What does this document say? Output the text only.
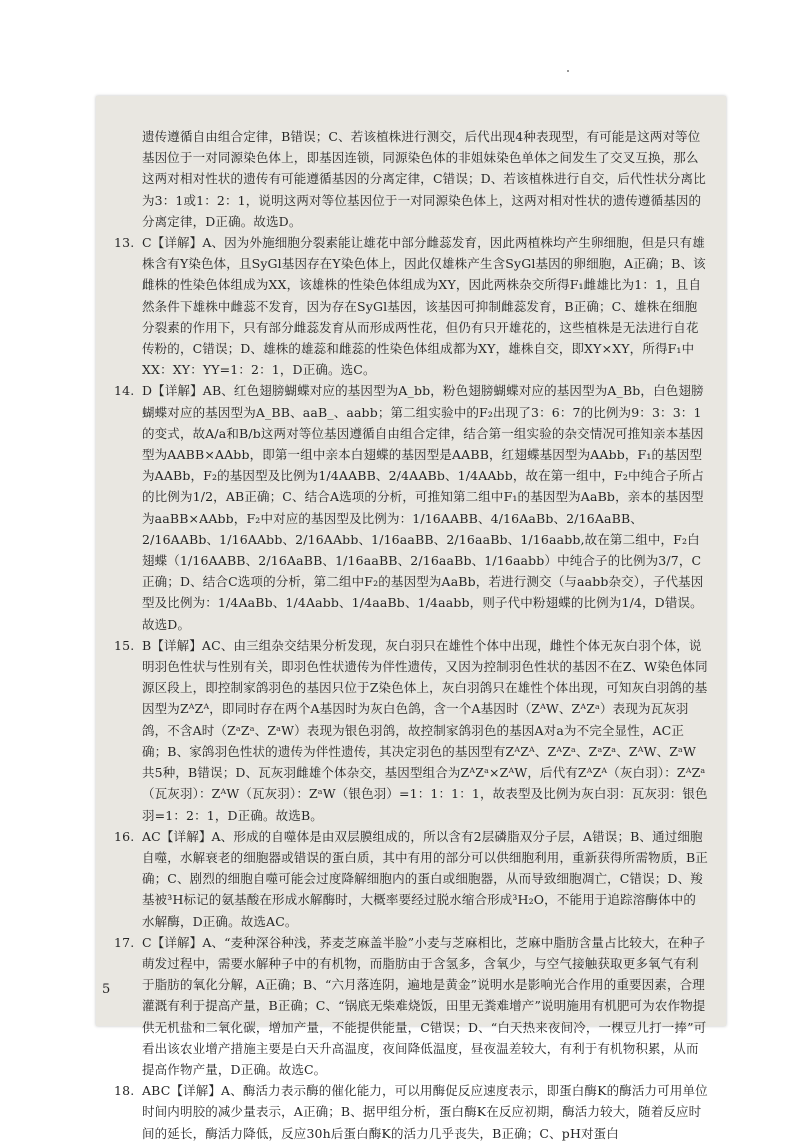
遗传遵循自由组合定律，B错误；C、若该植株进行测交，后代出现4种表现型，有可能是这两对等位基因位于一对同源染色体上，即基因连锁，同源染色体的非姐妹染色单体之间发生了交叉互换，那么这两对相对性状的遗传有可能遵循基因的分离定律，C错误；D、若该植株进行自交，后代性状分离比为3：1或1：2：1，说明这两对等位基因位于一对同源染色体上，这两对相对性状的遗传遵循基因的分离定律，D正确。故选D。

13. C【详解】A、因为外施细胞分裂素能让雄花中部分雌蕊发育，因此两植株均产生卵细胞，但是只有雄株含有Y染色体，且SyGl基因存在Y染色体上，因此仅雄株产生含SyGl基因的卵细胞，A正确；B、该雌株的性染色体组成为XX，该雄株的性染色体组成为XY，因此两株杂交所得F₁雌雄比为1：1，且自然条件下雄株中雌蕊不发育，因为存在SyGl基因，该基因可抑制雌蕊发育，B正确；C、雄株在细胞分裂素的作用下，只有部分雌蕊发育从而形成两性花，但仍有只开雄花的，这些植株是无法进行自花传粉的，C错误；D、雄株的雄蕊和雌蕊的性染色体组成都为XY，雄株自交，即XY×XY，所得F₁中XX：XY：YY=1：2：1，D正确。选C。
14. D【详解】AB、红色翅膀蝴蝶对应的基因型为A_bb，粉色翅膀蝴蝶对应的基因型为A_Bb，白色翅膀蝴蝶对应的基因型为A_BB、aaB_、aabb；第二组实验中的F₂出现了3：6：7的比例为9：3：3：1的变式，故A/a和B/b这两对等位基因遵循自由组合定律，结合第一组实验的杂交情况可推知亲本基因型为AABB×AAbb，即第一组中亲本白翅蝶的基因型是AABB，红翅蝶基因型为AAbb，F₁的基因型为AABb，F₂的基因型及比例为1/4AABB、2/4AABb、1/4AAbb，故在第一组中，F₂中纯合子所占的比例为1/2，AB正确；C、结合A选项的分析，可推知第二组中F₁的基因型为AaBb，亲本的基因型为aaBB×AAbb，F₂中对应的基因型及比例为：1/16AABB、4/16AaBb、2/16AaBB、2/16AABb、1/16AAbb、2/16AAbb、1/16aaBB、2/16aaBb、1/16aabb,故在第二组中，F₂白翅蝶（1/16AABB、2/16AaBB、1/16aaBB、2/16aaBb、1/16aabb）中纯合子的比例为3/7，C正确；D、结合C选项的分析，第二组中F₂的基因型为AaBb，若进行测交（与aabb杂交），子代基因型及比例为：1/4AaBb、1/4Aabb、1/4aaBb、1/4aabb，则子代中粉翅蝶的比例为1/4，D错误。故选D。
15. B【详解】AC、由三组杂交结果分析发现，灰白羽只在雄性个体中出现，雌性个体无灰白羽个体，说明羽色性状与性别有关，即羽色性状遗传为伴性遗传，又因为控制羽色性状的基因不在Z、W染色体同源区段上，即控制家鸽羽色的基因只位于Z染色体上，灰白羽鸽只在雄性个体出现，可知灰白羽鸽的基因型为ZᴬZᴬ，即同时存在两个A基因时为灰白色鸽，含一个A基因时（ZᴬW、ZᴬZᵃ）表现为瓦灰羽鸽，不含A时（ZᵃZᵃ、ZᵃW）表现为银色羽鸽，故控制家鸽羽色的基因A对a为不完全显性，AC正确；B、家鸽羽色性状的遗传为伴性遗传，其决定羽色的基因型有ZᴬZᴬ、ZᴬZᵃ、ZᵃZᵃ、ZᴬW、ZᵃW共5种，B错误；D、瓦灰羽雌雄个体杂交，基因型组合为ZᴬZᵃ×ZᴬW，后代有ZᴬZᴬ（灰白羽）：ZᴬZᵃ（瓦灰羽）：ZᴬW（瓦灰羽）：ZᵃW（银色羽）=1：1：1：1，故表型及比例为灰白羽：瓦灰羽：银色羽=1：2：1，D正确。故选B。
16. AC【详解】A、形成的自噬体是由双层膜组成的，所以含有2层磷脂双分子层，A错误；B、通过细胞自噬，水解衰老的细胞器或错误的蛋白质，其中有用的部分可以供细胞利用，重新获得所需物质，B正确；C、剧烈的细胞自噬可能会过度降解细胞内的蛋白或细胞器，从而导致细胞凋亡，C错误；D、羧基被³H标记的氨基酸在形成水解酶时，大概率要经过脱水缩合形成³H₂O，不能用于追踪溶酶体中的水解酶，D正确。故选AC。
17. C【详解】A、“麦种深谷种浅，荞麦芝麻盖半脸”小麦与芝麻相比，芝麻中脂肪含量占比较大，在种子萌发过程中，需要水解种子中的有机物，而脂肪由于含氢多，含氧少，与空气接触获取更多氧气有利于脂肪的氧化分解，A正确；B、“六月落连阴，遍地是黄金”说明水是影响光合作用的重要因素，合理灌溉有利于提高产量，B正确；C、“锅底无柴难烧饭，田里无粪难增产”说明施用有机肥可为农作物提供无机盐和二氧化碳，增加产量，不能提供能量，C错误；D、“白天热来夜间冷，一棵豆儿打一捧”可看出该农业增产措施主要是白天升高温度，夜间降低温度，昼夜温差较大，有利于有机物积累，从而提高作物产量，D正确。故选C。
18. ABC【详解】A、酶活力表示酶的催化能力，可以用酶促反应速度表示，即蛋白酶K的酶活力可用单位时间内明胶的减少量表示，A正确；B、据甲组分析，蛋白酶K在反应初期，酶活力较大，随着反应时间的延长，酶活力降低，反应30h后蛋白酶K的活力几乎丧失，B正确；C、pH对蛋白
5
